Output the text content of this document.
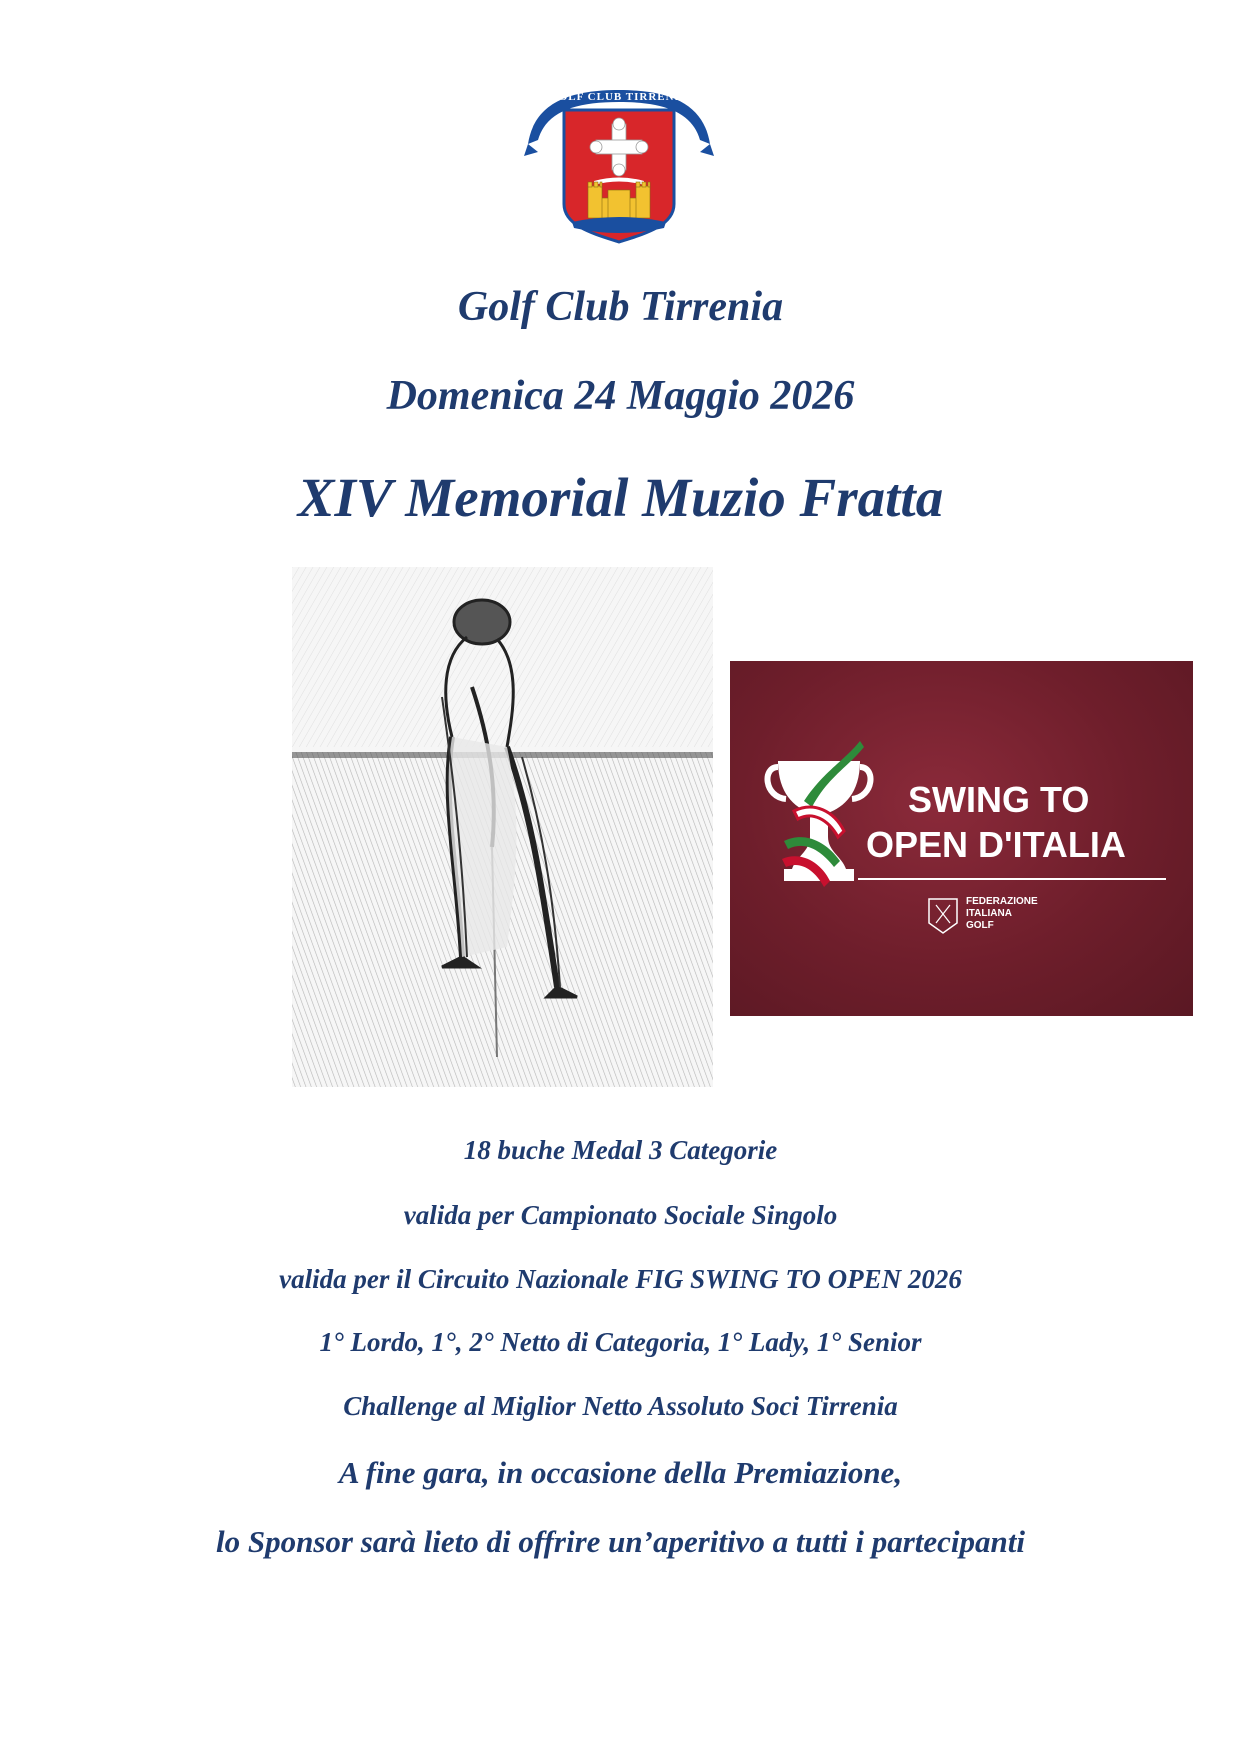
GOLF CLUB TIRRENIA

Golf Club Tirrenia

Domenica 24 Maggio 2026

XIV Memorial Muzio Fratta

SWING TO

OPEN D'ITALIA

FEDERAZIONE

ITALIANA

GOLF

18 buche Medal 3 Categorie

valida per Campionato Sociale Singolo

valida per il Circuito Nazionale FIG SWING TO OPEN 2026

1° Lordo, 1°, 2° Netto di Categoria, 1° Lady, 1° Senior

Challenge al Miglior Netto Assoluto Soci Tirrenia

A fine gara, in occasione della Premiazione,

lo Sponsor sarà lieto di offrire un’aperitivo a tutti i partecipanti
